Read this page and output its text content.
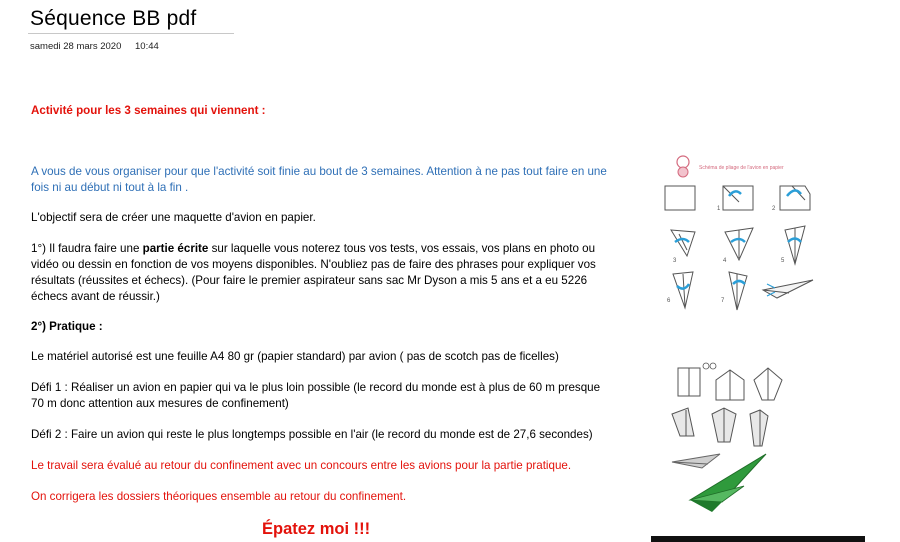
Séquence BB pdf
samedi 28 mars 2020 10:44
Activité pour les 3 semaines qui viennent :
A vous de vous organiser pour que l'activité soit finie au bout de 3 semaines. Attention à ne pas tout faire en une fois ni au début ni tout à la fin .
L'objectif sera de créer une maquette d'avion en papier.
1°) Il faudra faire une partie écrite sur laquelle vous noterez tous vos tests, vos essais, vos plans en photo ou vidéo ou dessin en fonction de vos moyens disponibles. N'oubliez pas de faire des phrases pour expliquer vos résultats (réussites et échecs). (Pour faire le premier aspirateur sans sac Mr Dyson a mis 5 ans et a eu 5226 échecs avant de réussir.)
2°) Pratique :
Le matériel autorisé est une feuille A4 80 gr (papier standard) par avion ( pas de scotch pas de ficelles)
Défi 1 : Réaliser un avion en papier qui va le plus loin possible (le record du monde est à plus de 60 m presque 70 m donc attention aux mesures de confinement)
Défi 2 : Faire un avion qui reste le plus longtemps possible en l'air (le record du monde est de 27,6 secondes)
Le travail sera évalué au retour du confinement avec un concours entre les avions pour la partie pratique.
On corrigera les dossiers théoriques ensemble au retour du confinement.
Épatez moi !!!
Schéma de pliage de l'avion en papier
1	2
3	4	5
6	7
